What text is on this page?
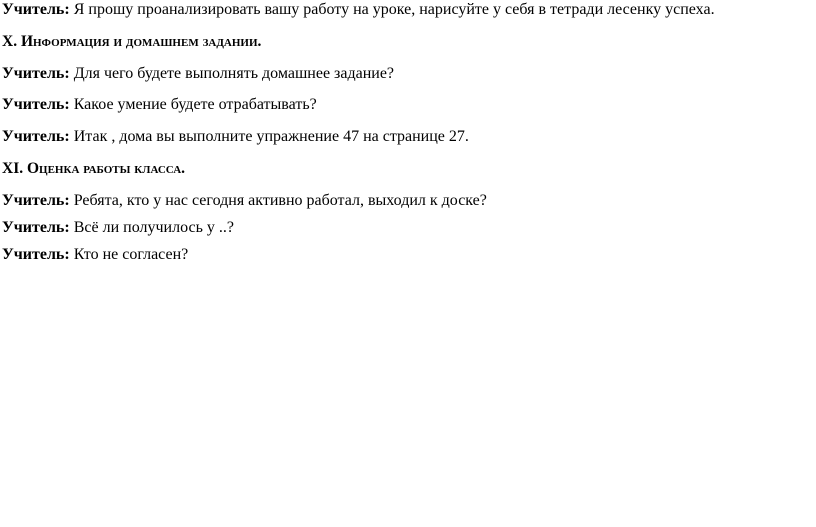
Учитель: Я прошу проанализировать вашу работу на уроке, нарисуйте у себя в тетради лесенку успеха.
X. Информация и домашнем задании.
Учитель: Для чего будете выполнять домашнее задание?
Учитель: Какое умение будете отрабатывать?
Учитель: Итак , дома вы выполните упражнение 47 на странице 27.
XI. Оценка работы класса.
Учитель: Ребята, кто у нас сегодня активно работал, выходил к доске?
Учитель: Всё ли получилось у ..?
Учитель: Кто не согласен?
